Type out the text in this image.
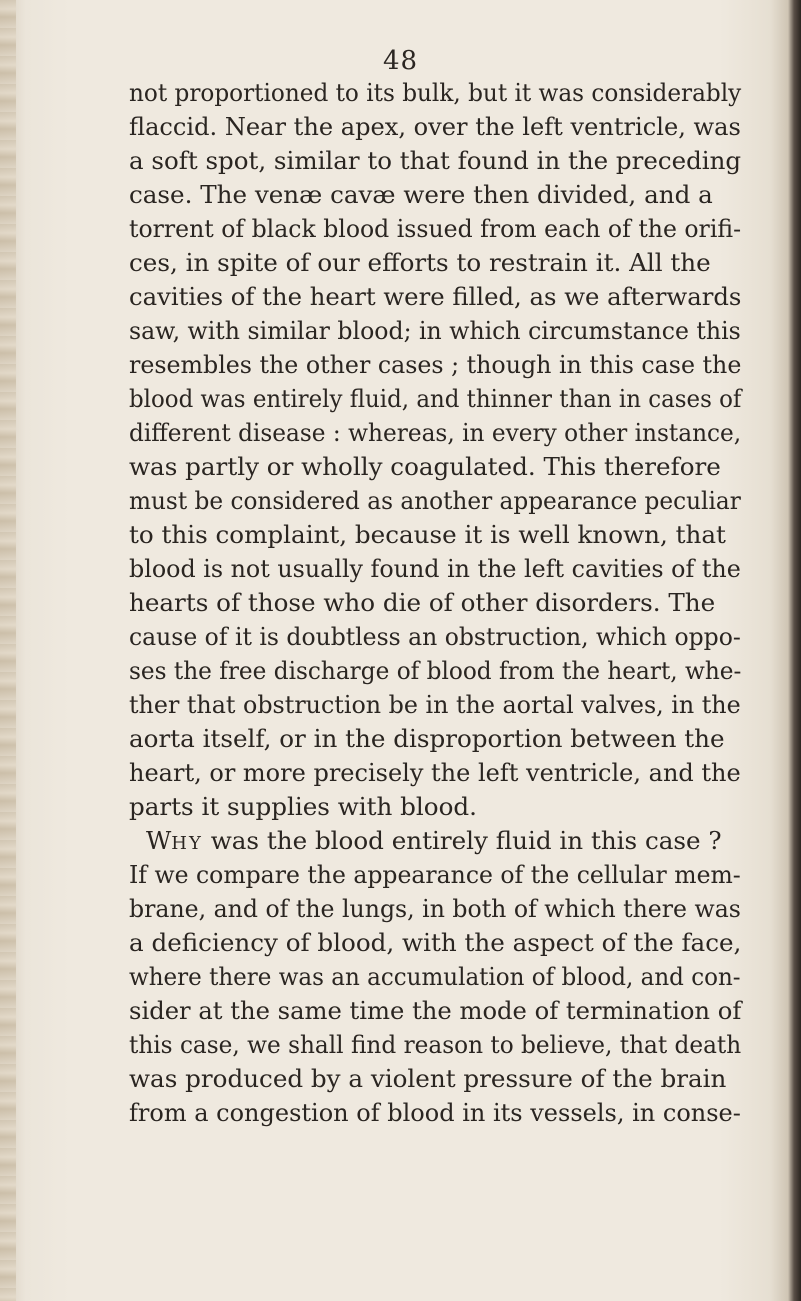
48
not proportioned to its bulk, but it was considerably
flaccid. Near the apex, over the left ventricle, was
a soft spot, similar to that found in the preceding
case. The venæ cavæ were then divided, and a
torrent of black blood issued from each of the orifi-
ces, in spite of our efforts to restrain it. All the
cavities of the heart were filled, as we afterwards
saw, with similar blood; in which circumstance this
resembles the other cases ; though in this case the
blood was entirely fluid, and thinner than in cases of
different disease : whereas, in every other instance,
was partly or wholly coagulated. This therefore
must be considered as another appearance peculiar
to this complaint, because it is well known, that
blood is not usually found in the left cavities of the
hearts of those who die of other disorders. The
cause of it is doubtless an obstruction, which oppo-
ses the free discharge of blood from the heart, whe-
ther that obstruction be in the aortal valves, in the
aorta itself, or in the disproportion between the
heart, or more precisely the left ventricle, and the
parts it supplies with blood.
WHY was the blood entirely fluid in this case ?
If we compare the appearance of the cellular mem-
brane, and of the lungs, in both of which there was
a deficiency of blood, with the aspect of the face,
where there was an accumulation of blood, and con-
sider at the same time the mode of termination of
this case, we shall find reason to believe, that death
was produced by a violent pressure of the brain
from a congestion of blood in its vessels, in conse-
